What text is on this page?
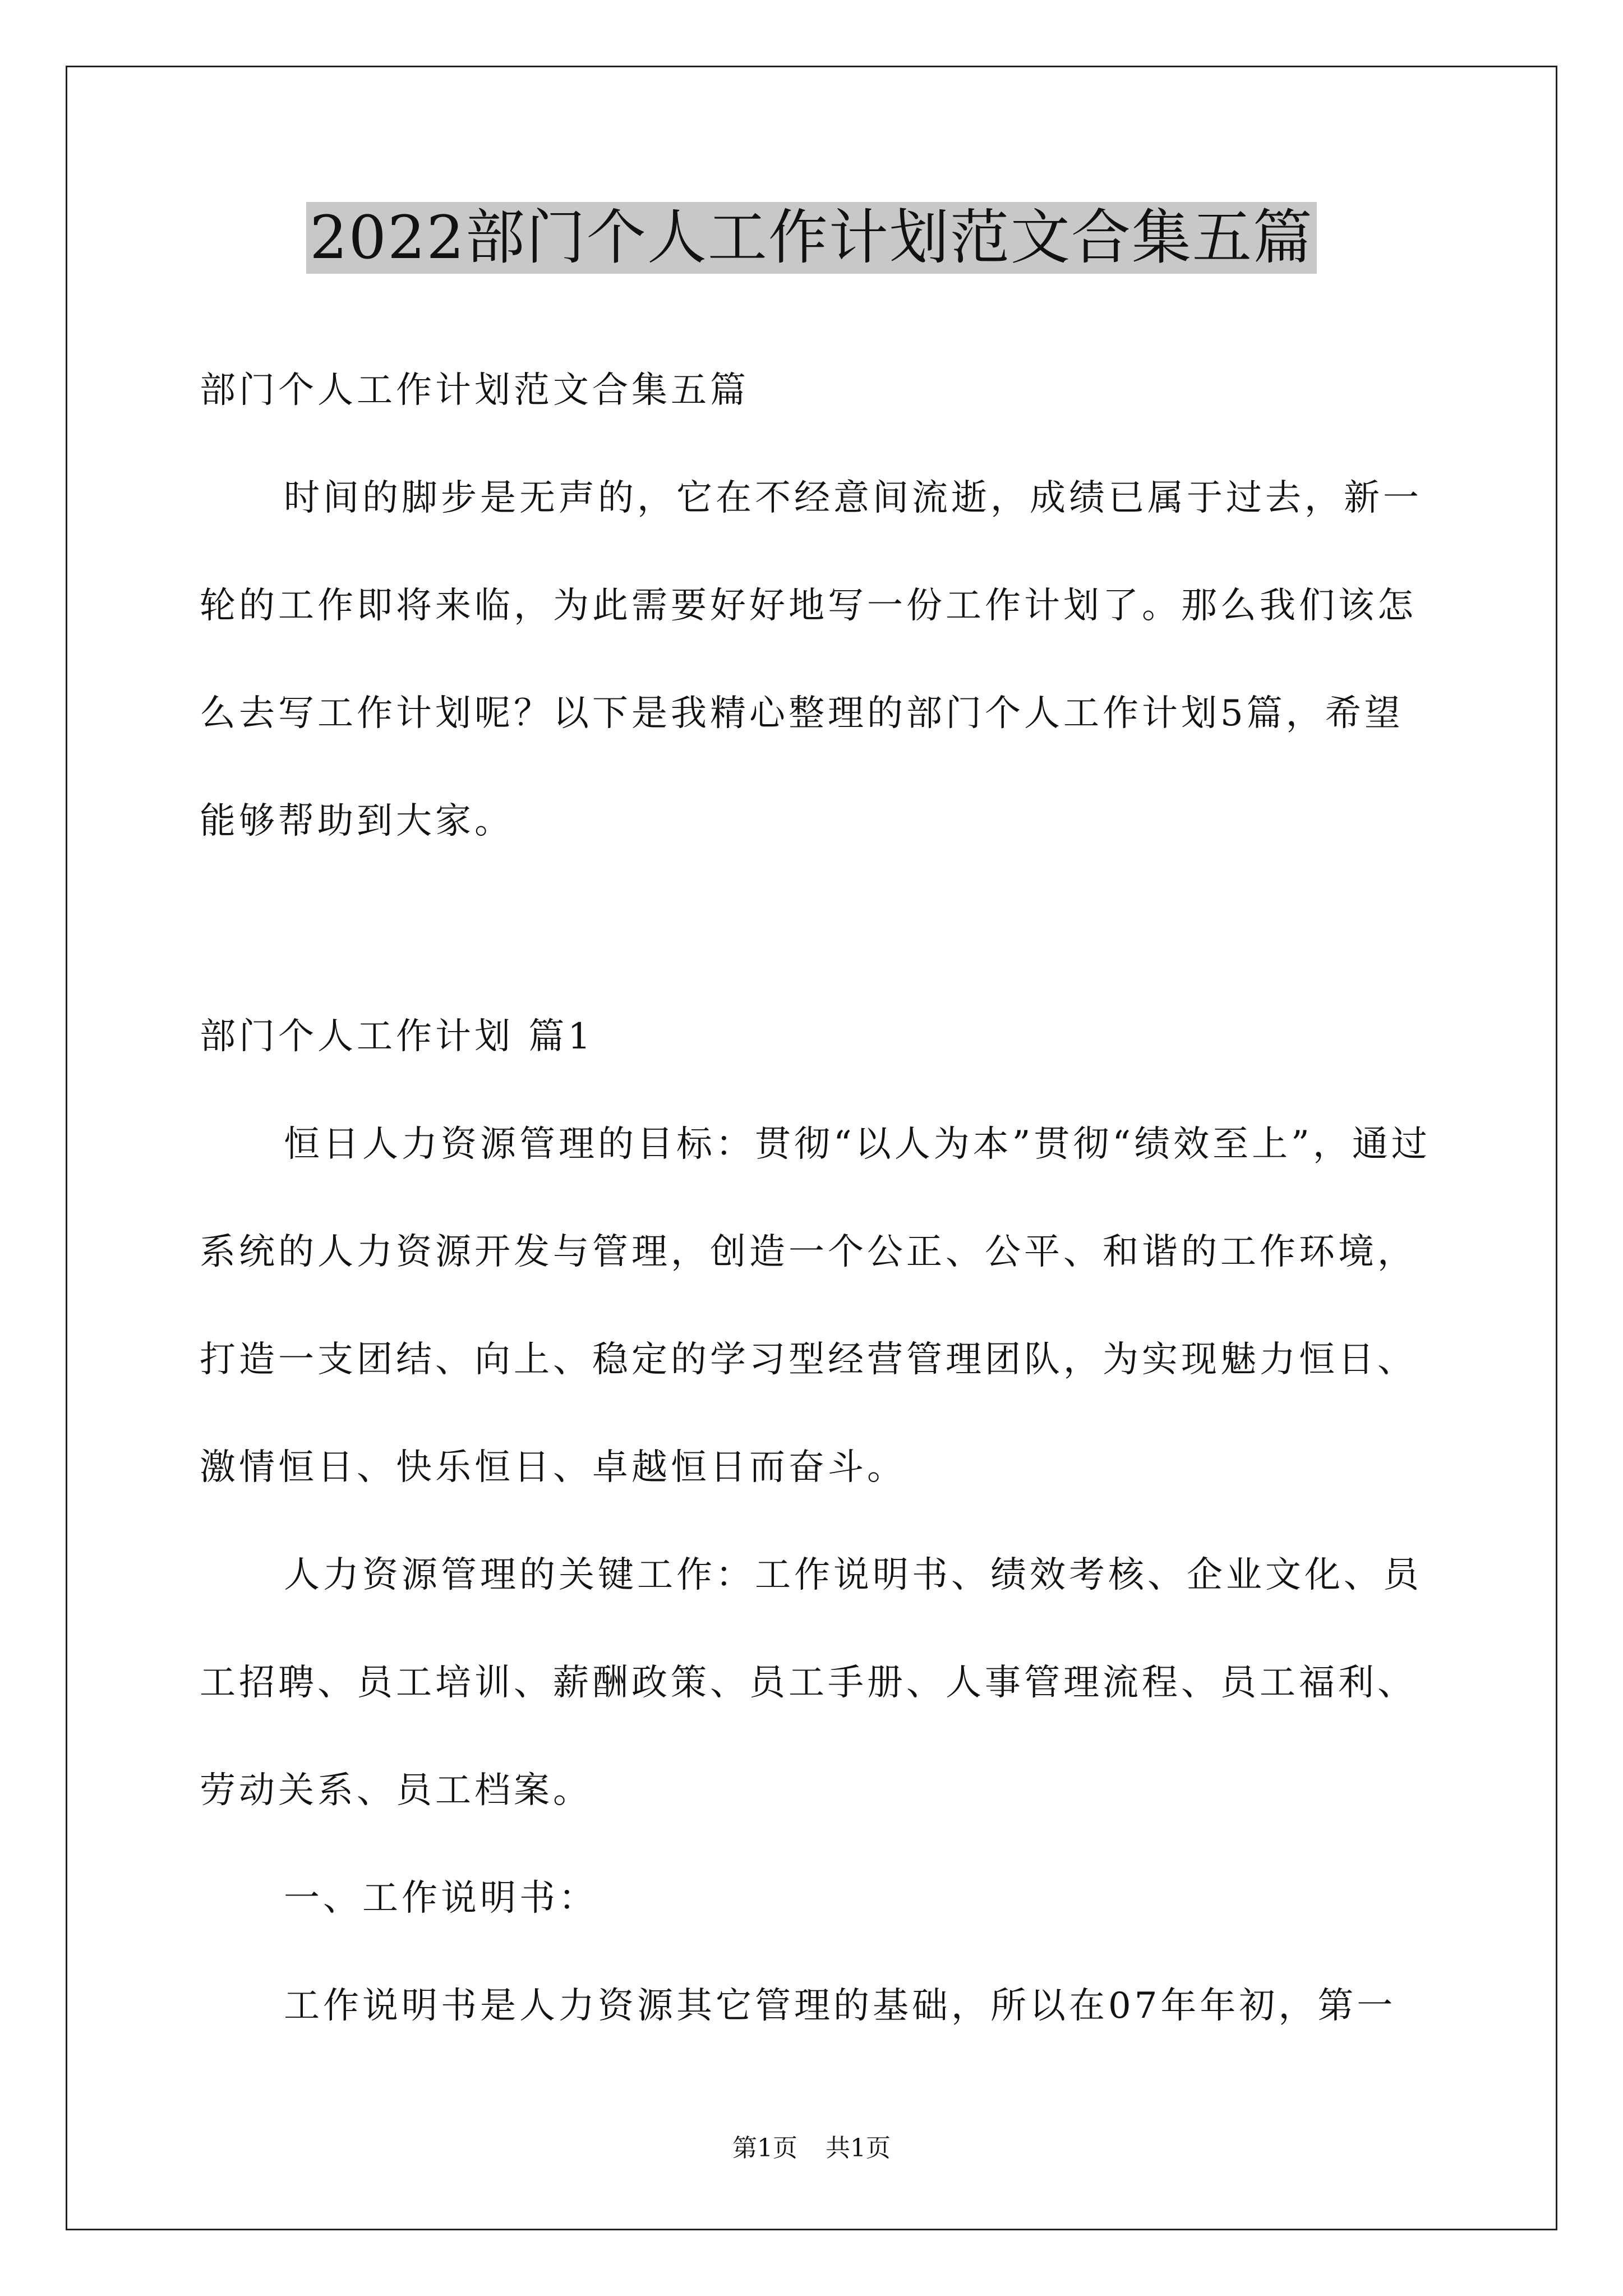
2022部门个人工作计划范文合集五篇

部门个人工作计划范文合集五篇

时间的脚步是无声的，它在不经意间流逝，成绩已属于过去，新一轮的工作即将来临，为此需要好好地写一份工作计划了。那么我们该怎么去写工作计划呢？以下是我精心整理的部门个人工作计划5篇，希望能够帮助到大家。

部门个人工作计划 篇1

恒日人力资源管理的目标：贯彻“以人为本”贯彻“绩效至上”，通过系统的人力资源开发与管理，创造一个公正、公平、和谐的工作环境，打造一支团结、向上、稳定的学习型经营管理团队，为实现魅力恒日、激情恒日、快乐恒日、卓越恒日而奋斗。

人力资源管理的关键工作：工作说明书、绩效考核、企业文化、员工招聘、员工培训、薪酬政策、员工手册、人事管理流程、员工福利、劳动关系、员工档案。

一、工作说明书：

工作说明书是人力资源其它管理的基础，所以在07年年初，第一

第1页 共1页
